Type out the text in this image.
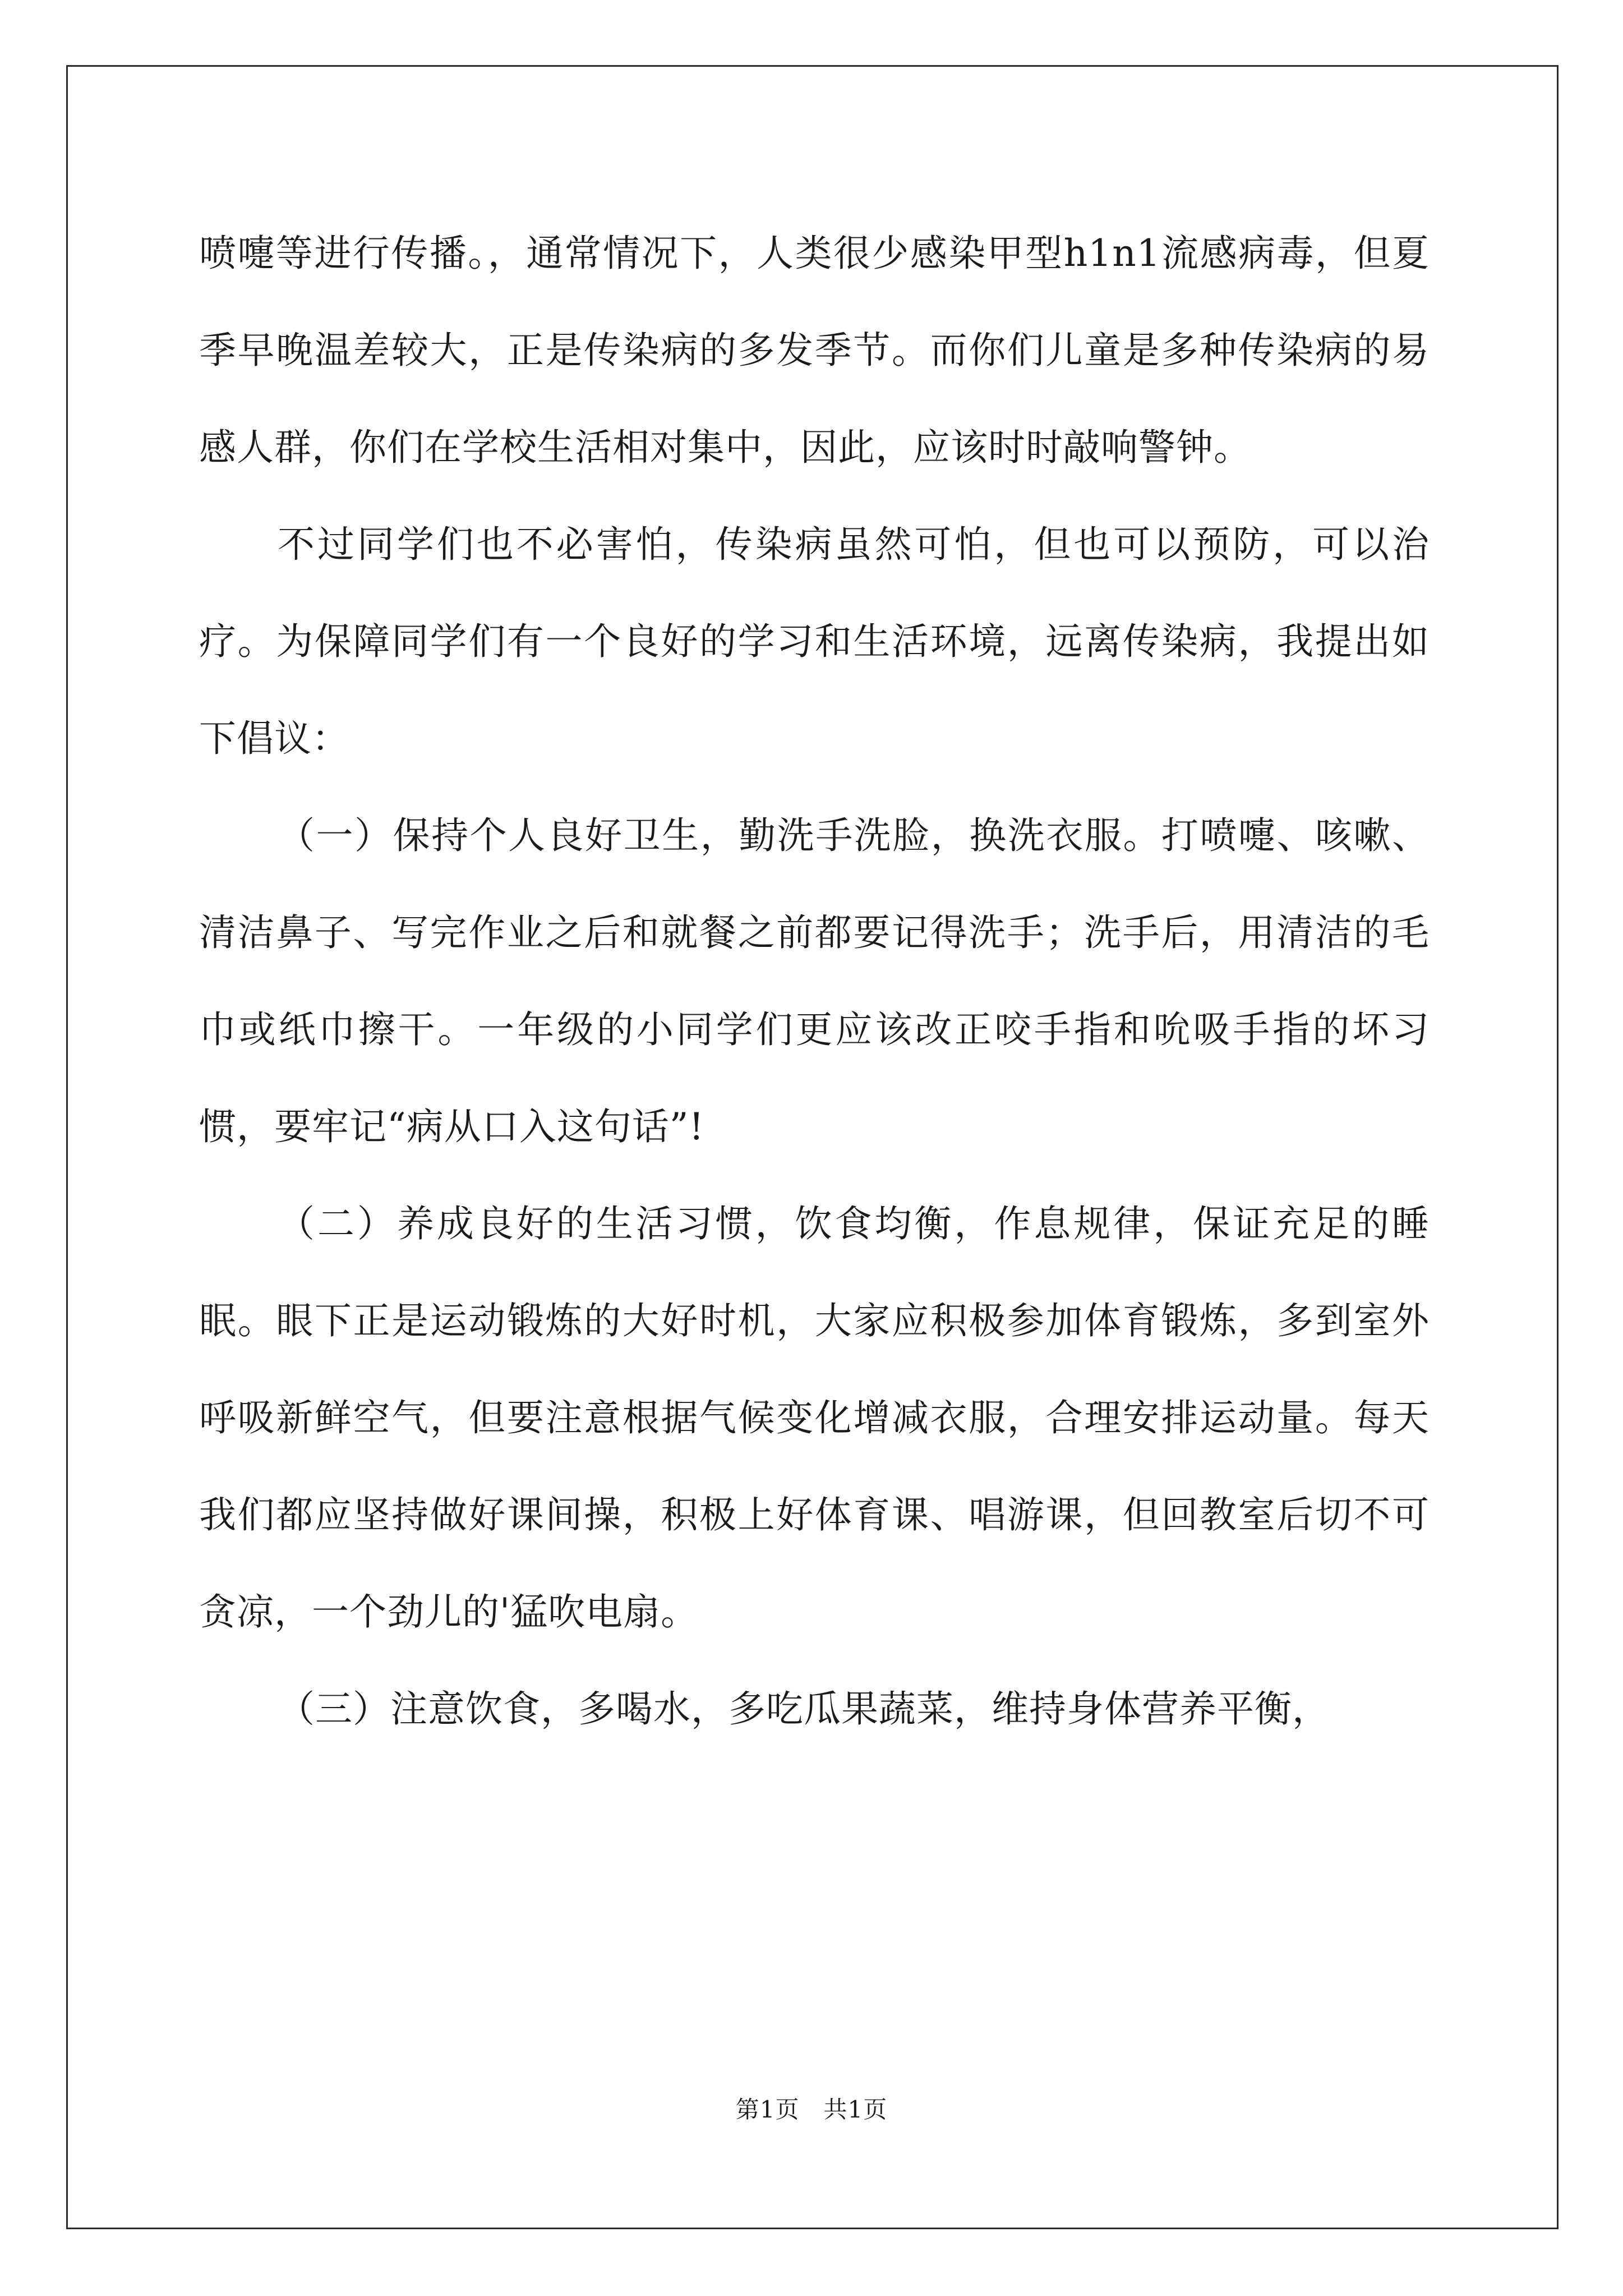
喷嚏等进行传播。，通常情况下，人类很少感染甲型h1n1流感病毒，但夏季早晚温差较大，正是传染病的多发季节。而你们儿童是多种传染病的易感人群，你们在学校生活相对集中，因此，应该时时敲响警钟。

不过同学们也不必害怕，传染病虽然可怕，但也可以预防，可以治疗。为保障同学们有一个良好的学习和生活环境，远离传染病，我提出如下倡议：

（一）保持个人良好卫生，勤洗手洗脸，换洗衣服。打喷嚏、咳嗽、清洁鼻子、写完作业之后和就餐之前都要记得洗手；洗手后，用清洁的毛巾或纸巾擦干。一年级的小同学们更应该改正咬手指和吮吸手指的坏习惯，要牢记“病从口入这句话”!

（二）养成良好的生活习惯，饮食均衡，作息规律，保证充足的睡眠。眼下正是运动锻炼的大好时机，大家应积极参加体育锻炼，多到室外呼吸新鲜空气，但要注意根据气候变化增减衣服，合理安排运动量。每天我们都应坚持做好课间操，积极上好体育课、唱游课，但回教室后切不可贪凉，一个劲儿的'猛吹电扇。

（三）注意饮食，多喝水，多吃瓜果蔬菜，维持身体营养平衡，

第1页　共1页
